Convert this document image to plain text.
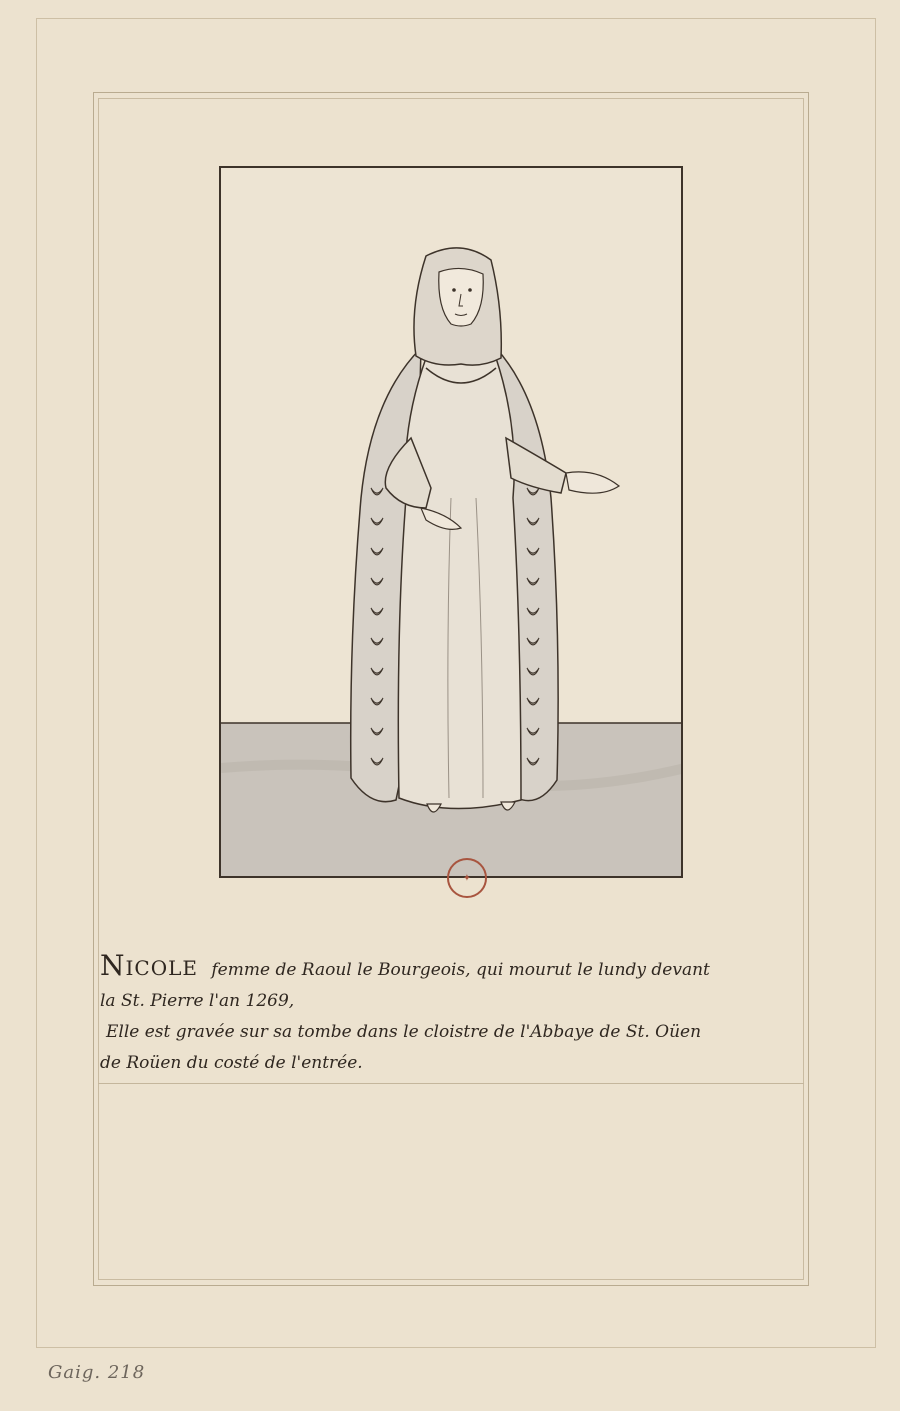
✦
NICOLE femme de Raoul le Bourgeois, qui mourut le lundy devant
la St. Pierre l'an 1269,
Elle est gravée sur sa tombe dans le cloistre de l'Abbaye de St. Oüen
de Roüen du costé de l'entrée.
Gaig. 218
